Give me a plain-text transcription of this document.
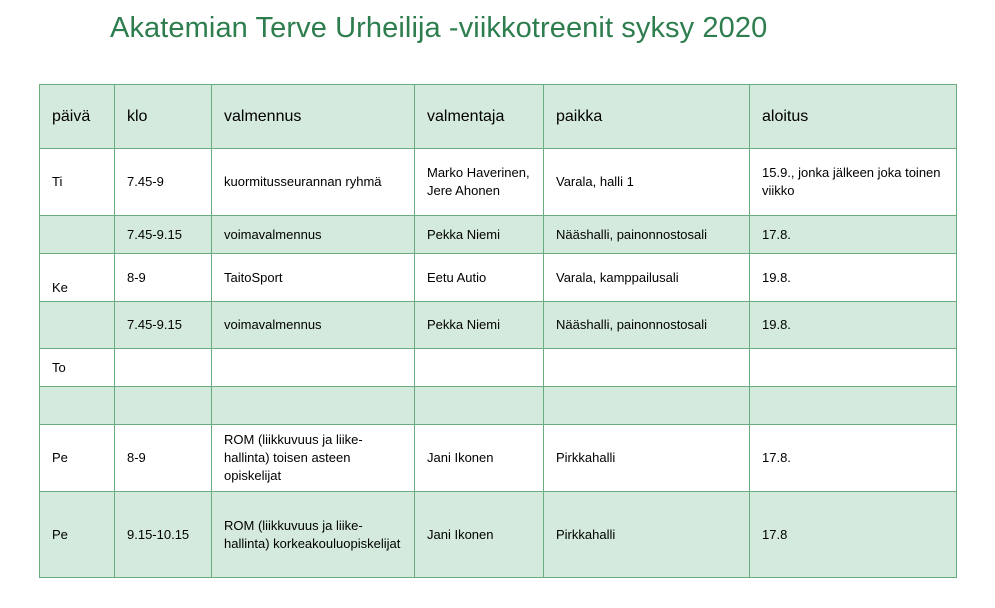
Akatemian Terve Urheilija -viikkotreenit syksy 2020
päivä	klo	valmennus	valmentaja	paikka	aloitus
Ti	7.45-9	kuormitusseurannan ryhmä	Marko Haverinen, Jere Ahonen	Varala, halli 1	15.9., jonka jälkeen joka toinen viikko
	7.45-9.15	voimavalmennus	Pekka Niemi	Nääshalli, painonnostosali	17.8.
Ke	8-9	TaitoSport	Eetu Autio	Varala, kamppailusali	19.8.
	7.45-9.15	voimavalmennus	Pekka Niemi	Nääshalli, painonnostosali	19.8.
To					

Pe	8-9	ROM (liikkuvuus ja liike-hallinta) toisen asteen opiskelijat	Jani Ikonen	Pirkkahalli	17.8.
Pe	9.15-10.15	ROM (liikkuvuus ja liike-hallinta) korkeakouluopiskelijat	Jani Ikonen	Pirkkahalli	17.8
